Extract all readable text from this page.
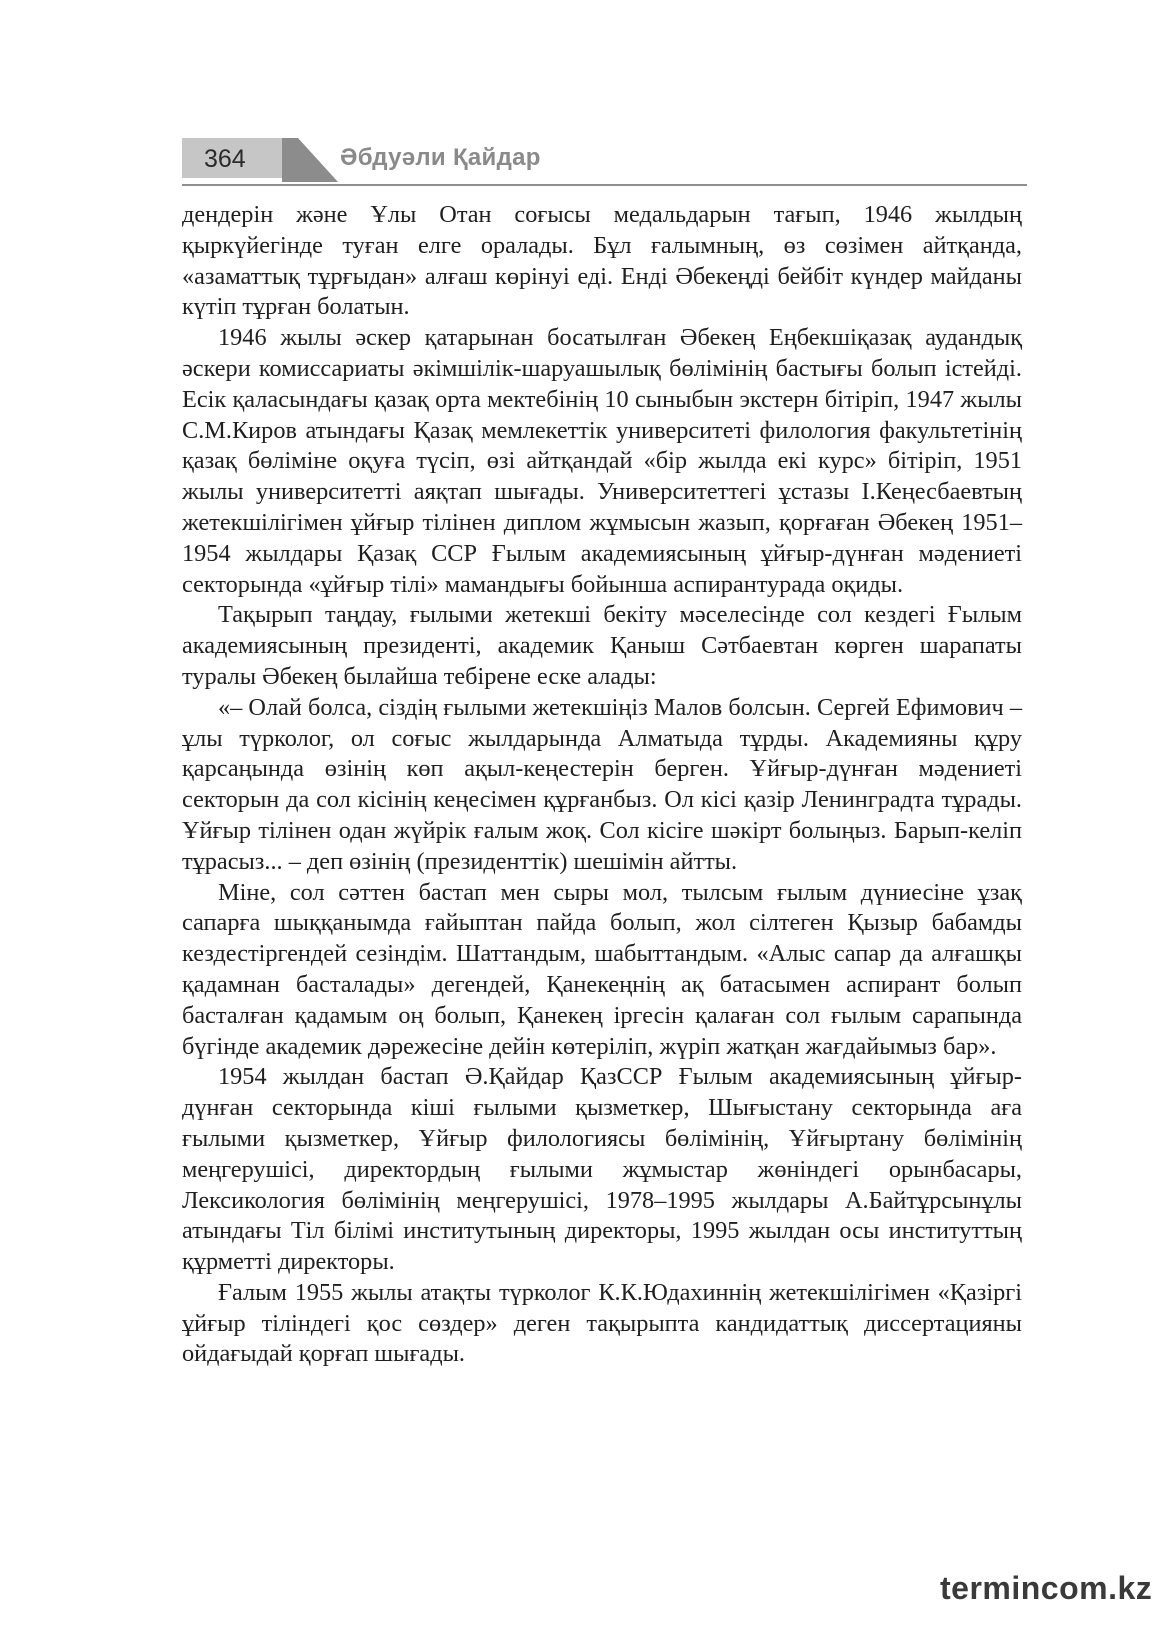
364	Әбдуәли Қайдар

дендерін және Ұлы Отан соғысы медальдарын тағып, 1946 жылдың қыркүйегінде туған елге оралады. Бұл ғалымның, өз сөзімен айтқанда, «азаматтық тұрғыдан» алғаш көрінуі еді. Енді Әбекеңді бейбіт күндер майданы күтіп тұрған болатын.

1946 жылы әскер қатарынан босатылған Әбекең Еңбекшіқазақ аудандық әскери комиссариаты әкімшілік-шаруашылық бөлімінің бастығы болып істейді. Есік қаласындағы қазақ орта мектебінің 10 сыныбын экстерн бітіріп, 1947 жылы С.М.Киров атындағы Қазақ мемлекеттік университеті филология факультетінің қазақ бөліміне оқуға түсіп, өзі айтқандай «бір жылда екі курс» бітіріп, 1951 жылы университетті аяқтап шығады. Университеттегі ұстазы І.Кеңесбаевтың жетекшілігімен ұйғыр тілінен диплом жұмысын жазып, қорғаған Әбекең 1951–1954 жылдары Қазақ ССР Ғылым академиясының ұйғыр-дүнған мәдениеті секторында «ұйғыр тілі» мамандығы бойынша аспирантурада оқиды.

Тақырып таңдау, ғылыми жетекші бекіту мәселесінде сол кездегі Ғылым академиясының президенті, академик Қаныш Сәтбаевтан көрген шарапаты туралы Әбекең былайша тебірене еске алады:

«– Олай болса, сіздің ғылыми жетекшіңіз Малов болсын. Сергей Ефимович – ұлы түрколог, ол соғыс жылдарында Алматыда тұрды. Академияны құру қарсаңында өзінің көп ақыл-кеңестерін берген. Ұйғыр-дүнған мәдениеті секторын да сол кісінің кеңесімен құрғанбыз. Ол кісі қазір Ленинградта тұрады. Ұйғыр тілінен одан жүйрік ғалым жоқ. Сол кісіге шәкірт болыңыз. Барып-келіп тұрасыз... – деп өзінің (президенттік) шешімін айтты.

Міне, сол сәттен бастап мен сыры мол, тылсым ғылым дүниесіне ұзақ сапарға шыққанымда ғайыптан пайда болып, жол сілтеген Қызыр бабамды кездестіргендей сезіндім. Шаттандым, шабыттандым. «Алыс сапар да алғашқы қадамнан басталады» дегендей, Қанекеңнің ақ батасымен аспирант болып басталған қадамым оң болып, Қанекең іргесін қалаған сол ғылым сарапында бүгінде академик дәрежесіне дейін көтеріліп, жүріп жатқан жағдайымыз бар».

1954 жылдан бастап Ә.Қайдар ҚазССР Ғылым академиясының ұйғыр-дүнған секторында кіші ғылыми қызметкер, Шығыстану секторында аға ғылыми қызметкер, Ұйғыр филологиясы бөлімінің, Ұйғыртану бөлімінің меңгерушісі, директордың ғылыми жұмыстар жөніндегі орынбасары, Лексикология бөлімінің меңгерушісі, 1978–1995 жылдары А.Байтұрсынұлы атындағы Тіл білімі институтының директоры, 1995 жылдан осы институттың құрметті директоры.

Ғалым 1955 жылы атақты түрколог К.К.Юдахиннің жетекшілігімен «Қазіргі ұйғыр тіліндегі қос сөздер» деген тақырыпта кандидаттық диссертацияны ойдағыдай қорғап шығады.

termincom.kz
